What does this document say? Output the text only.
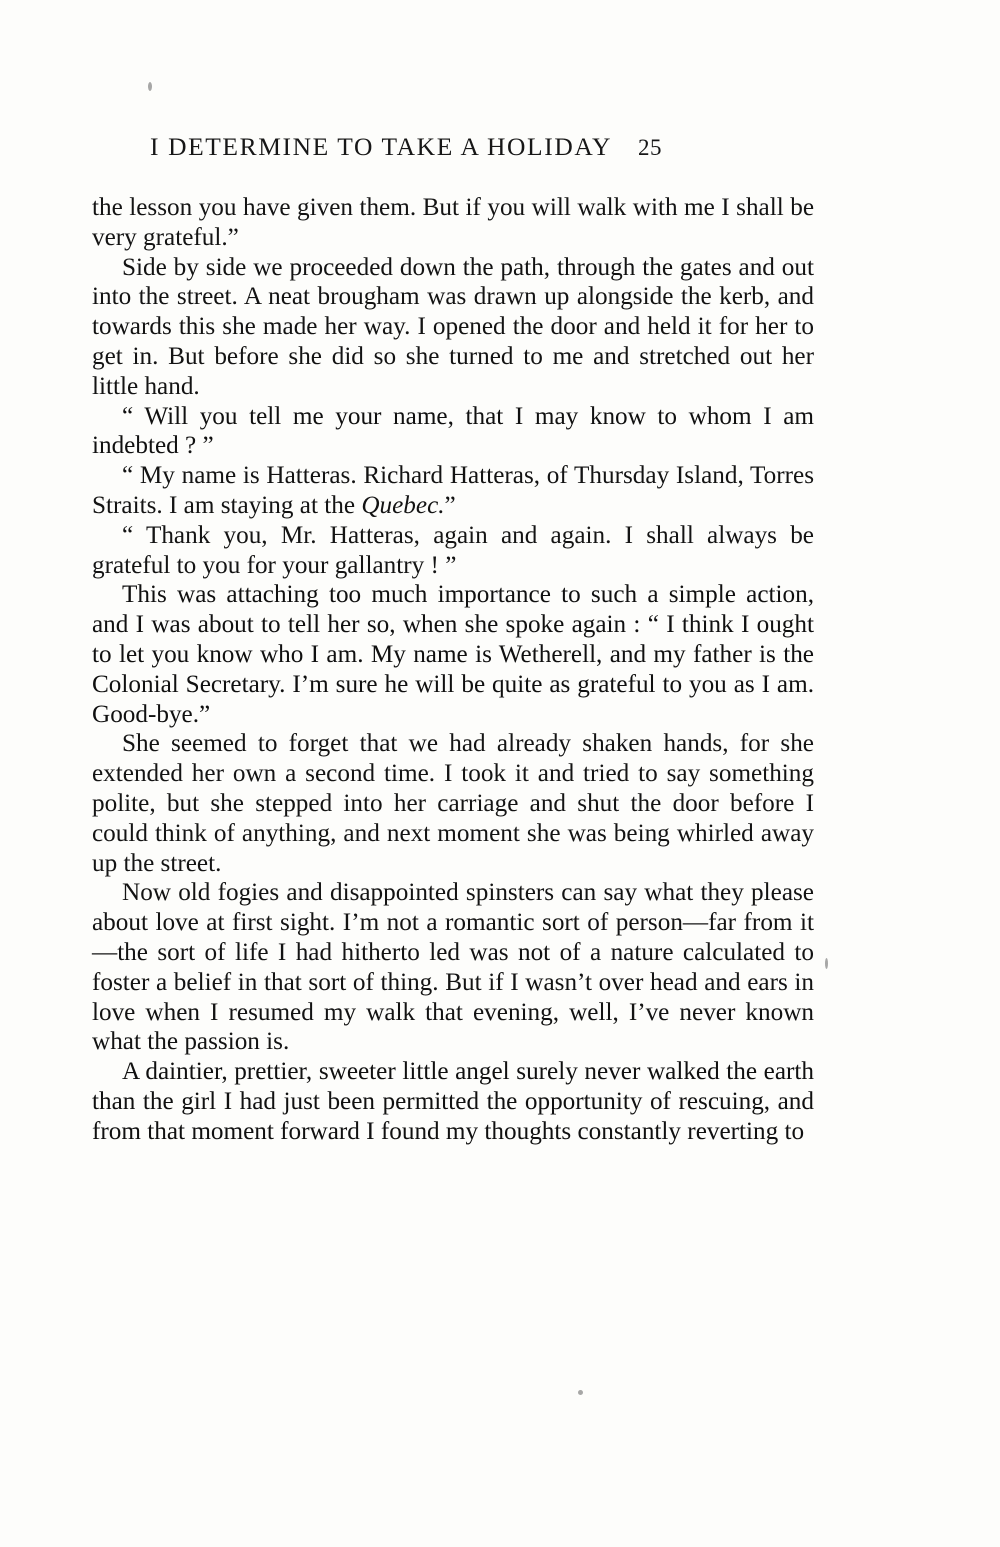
I DETERMINE TO TAKE A HOLIDAY 25

the lesson you have given them. But if you will walk with me I shall be very grateful.”

Side by side we proceeded down the path, through the gates and out into the street. A neat brougham was drawn up alongside the kerb, and towards this she made her way. I opened the door and held it for her to get in. But before she did so she turned to me and stretched out her little hand.

“ Will you tell me your name, that I may know to whom I am indebted ? ”

“ My name is Hatteras. Richard Hatteras, of Thursday Island, Torres Straits. I am staying at the Quebec.”

“ Thank you, Mr. Hatteras, again and again. I shall always be grateful to you for your gallantry ! ”

This was attaching too much importance to such a simple action, and I was about to tell her so, when she spoke again : “ I think I ought to let you know who I am. My name is Wetherell, and my father is the Colonial Secretary. I’m sure he will be quite as grateful to you as I am. Good-bye.”

She seemed to forget that we had already shaken hands, for she extended her own a second time. I took it and tried to say something polite, but she stepped into her carriage and shut the door before I could think of anything, and next moment she was being whirled away up the street.

Now old fogies and disappointed spinsters can say what they please about love at first sight. I’m not a romantic sort of person—far from it—the sort of life I had hitherto led was not of a nature calculated to foster a belief in that sort of thing. But if I wasn’t over head and ears in love when I resumed my walk that evening, well, I’ve never known what the passion is.

A daintier, prettier, sweeter little angel surely never walked the earth than the girl I had just been permitted the opportunity of rescuing, and from that moment forward I found my thoughts constantly reverting to
